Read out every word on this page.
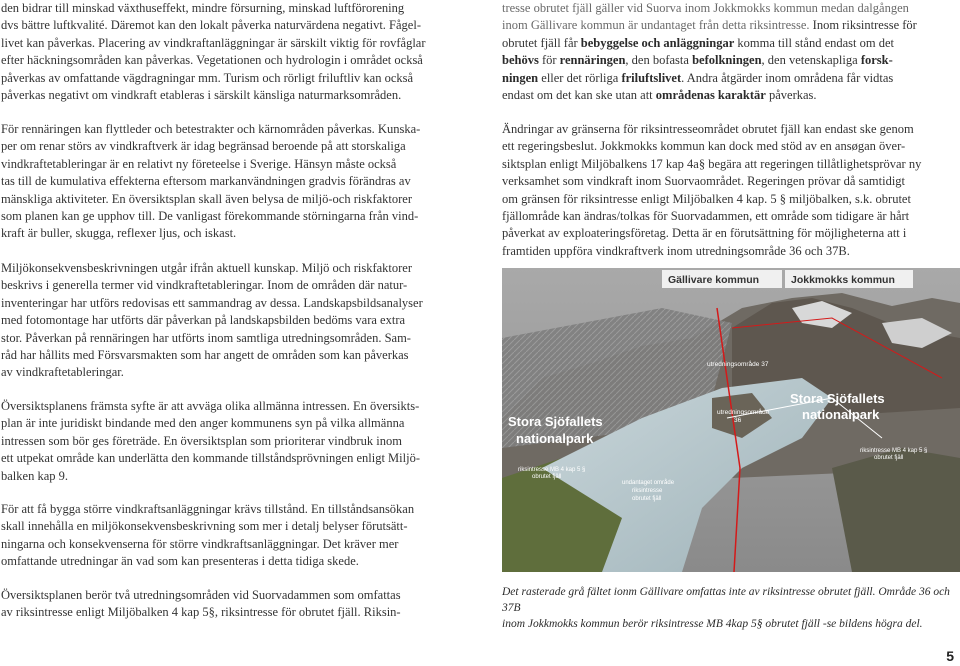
den bidrar till minskad växthuseffekt, mindre försurning, minskad luftförorening

dvs bättre luftkvalité. Däremot kan den lokalt påverka naturvärdena negativt. Fågel-

livet kan påverkas. Placering av vindkraftanläggningar är särskilt viktig för rovfåglar

efter häckningsområden kan påverkas. Vegetationen och hydrologin i området också

påverkas av omfattande vägdragningar mm. Turism och rörligt friluftliv kan också

påverkas negativt om vindkraft etableras i särskilt känsliga naturmarksområden.

För rennäringen kan flyttleder och betestrakter och kärnområden påverkas. Kunska-

per om renar störs av vindkraftverk är idag begränsad beroende på att storskaliga

vindkraftetableringar är en relativt ny företeelse i Sverige. Hänsyn måste också

tas till de kumulativa effekterna eftersom markanvändningen gradvis förändras av

mänskliga aktiviteter. En översiktsplan skall även belysa de miljö-och riskfaktorer

som planen kan ge upphov till. De vanligast förekommande störningarna från vind-

kraft är buller, skugga, reflexer ljus, och iskast.

Miljökonsekvensbeskrivningen utgår ifrån aktuell kunskap. Miljö och riskfaktorer

beskrivs i generella termer vid vindkraftetableringar. Inom de områden där natur-

inventeringar har utförs redovisas ett sammandrag av dessa. Landskapsbildsanalyser

med fotomontage har utförts där påverkan på landskapsbilden bedöms vara extra

stor. Påverkan på rennäringen har utförts inom samtliga utredningsområden. Sam-

råd har hållits med Försvarsmakten som har angett de områden som kan påverkas

av vindkraftetableringar.

Översiktsplanens främsta syfte är att avväga olika allmänna intressen. En översikts-

plan är inte juridiskt bindande med den anger kommunens syn på vilka allmänna

intressen som bör ges företräde. En översiktsplan som prioriterar vindbruk inom

ett utpekat område kan underlätta den kommande tillståndsprövningen enligt Miljö-

balken kap 9.

För att få bygga större vindkraftsanläggningar krävs tillstånd. En tillståndsansökan

skall innehålla en miljökonsekvensbeskrivning som mer i detalj belyser förutsätt-

ningarna och konsekvenserna för större vindkraftsanläggningar. Det kräver mer

omfattande utredningar än vad som kan presenteras i detta tidiga skede.

Översiktsplanen berör två utredningsområden vid Suorvadammen som omfattas

av riksintresse enligt Miljöbalken 4 kap 5§, riksintresse för obrutet fjäll. Riksin-

tresse obrutet fjäll gäller vid Suorva inom Jokkmokks kommun medan dalgången

inom Gällivare kommun är undantaget från detta riksintresse. Inom riksintresse för

obrutet fjäll får bebyggelse och anläggningar komma till stånd endast om det

behövs för rennäringen, den bofasta befolkningen, den vetenskapliga forsk-

ningen eller det rörliga friluftslivet. Andra åtgärder inom områdena får vidtas

endast om det kan ske utan att områdenas karaktär påverkas.

Ändringar av gränserna för riksintresseområdet obrutet fjäll kan endast ske genom

ett regeringsbeslut. Jokkmokks kommun kan dock med stöd av en ansøgan över-

siktsplan enligt Miljöbalkens 17 kap 4a§ begära att regeringen tillåtlighetsprövar ny

verksamhet som vindkraft inom Suorvaområdet. Regeringen prövar då samtidigt

om gränsen för riksintresse enligt Miljöbalken 4 kap. 5 § miljöbalken, s.k. obrutet

fjällområde kan ändras/tolkas för Suorvadammen, ett område som tidigare är hårt

påverkat av exploateringsföretag. Detta är en förutsättning för möjligheterna att i

framtiden uppföra vindkraftverk inom utredningsområde 36 och 37B.

Gällivare kommun	Jokkmokks kommun
Stora Sjöfallets
nationalpark
Stora Sjöfallets
nationalpark
utredningsområde 37
utredningsområde
36
riksintresse MB 4 kap 5 §
obrutet fjäll
riksintresse MB 4 kap 5 §
obrutet fjäll
undantaget område
riksintresse
obrutet fjäll
Det rasterade grå fältet ionm Gällivare omfattas inte av riksintresse obrutet fjäll. Område 36 och 37B
inom Jokkmokks kommun berör riksintresse MB 4kap 5§ obrutet fjäll -se bildens högra del.
5
